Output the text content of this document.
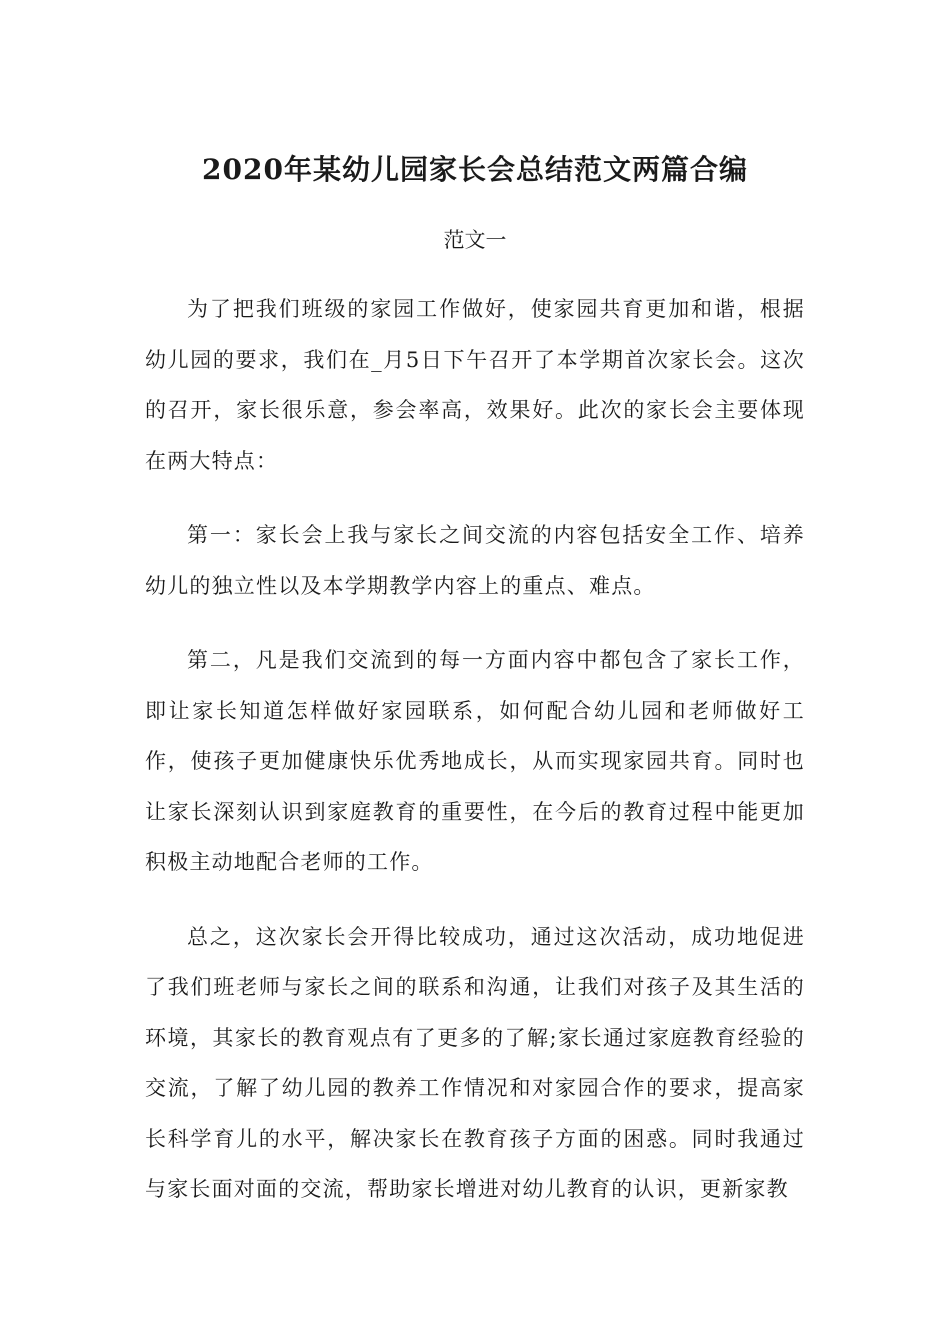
2020年某幼儿园家长会总结范文两篇合编

范文一

为了把我们班级的家园工作做好，使家园共育更加和谐，根据幼儿园的要求，我们在_月5日下午召开了本学期首次家长会。这次的召开，家长很乐意，参会率高，效果好。此次的家长会主要体现在两大特点：

第一：家长会上我与家长之间交流的内容包括安全工作、培养幼儿的独立性以及本学期教学内容上的重点、难点。

第二，凡是我们交流到的每一方面内容中都包含了家长工作，即让家长知道怎样做好家园联系，如何配合幼儿园和老师做好工作，使孩子更加健康快乐优秀地成长，从而实现家园共育。同时也让家长深刻认识到家庭教育的重要性，在今后的教育过程中能更加积极主动地配合老师的工作。

总之，这次家长会开得比较成功，通过这次活动，成功地促进了我们班老师与家长之间的联系和沟通，让我们对孩子及其生活的环境，其家长的教育观点有了更多的了解;家长通过家庭教育经验的交流，了解了幼儿园的教养工作情况和对家园合作的要求，提高家长科学育儿的水平，解决家长在教育孩子方面的困惑。同时我通过与家长面对面的交流，帮助家长增进对幼儿教育的认识，更新家教
